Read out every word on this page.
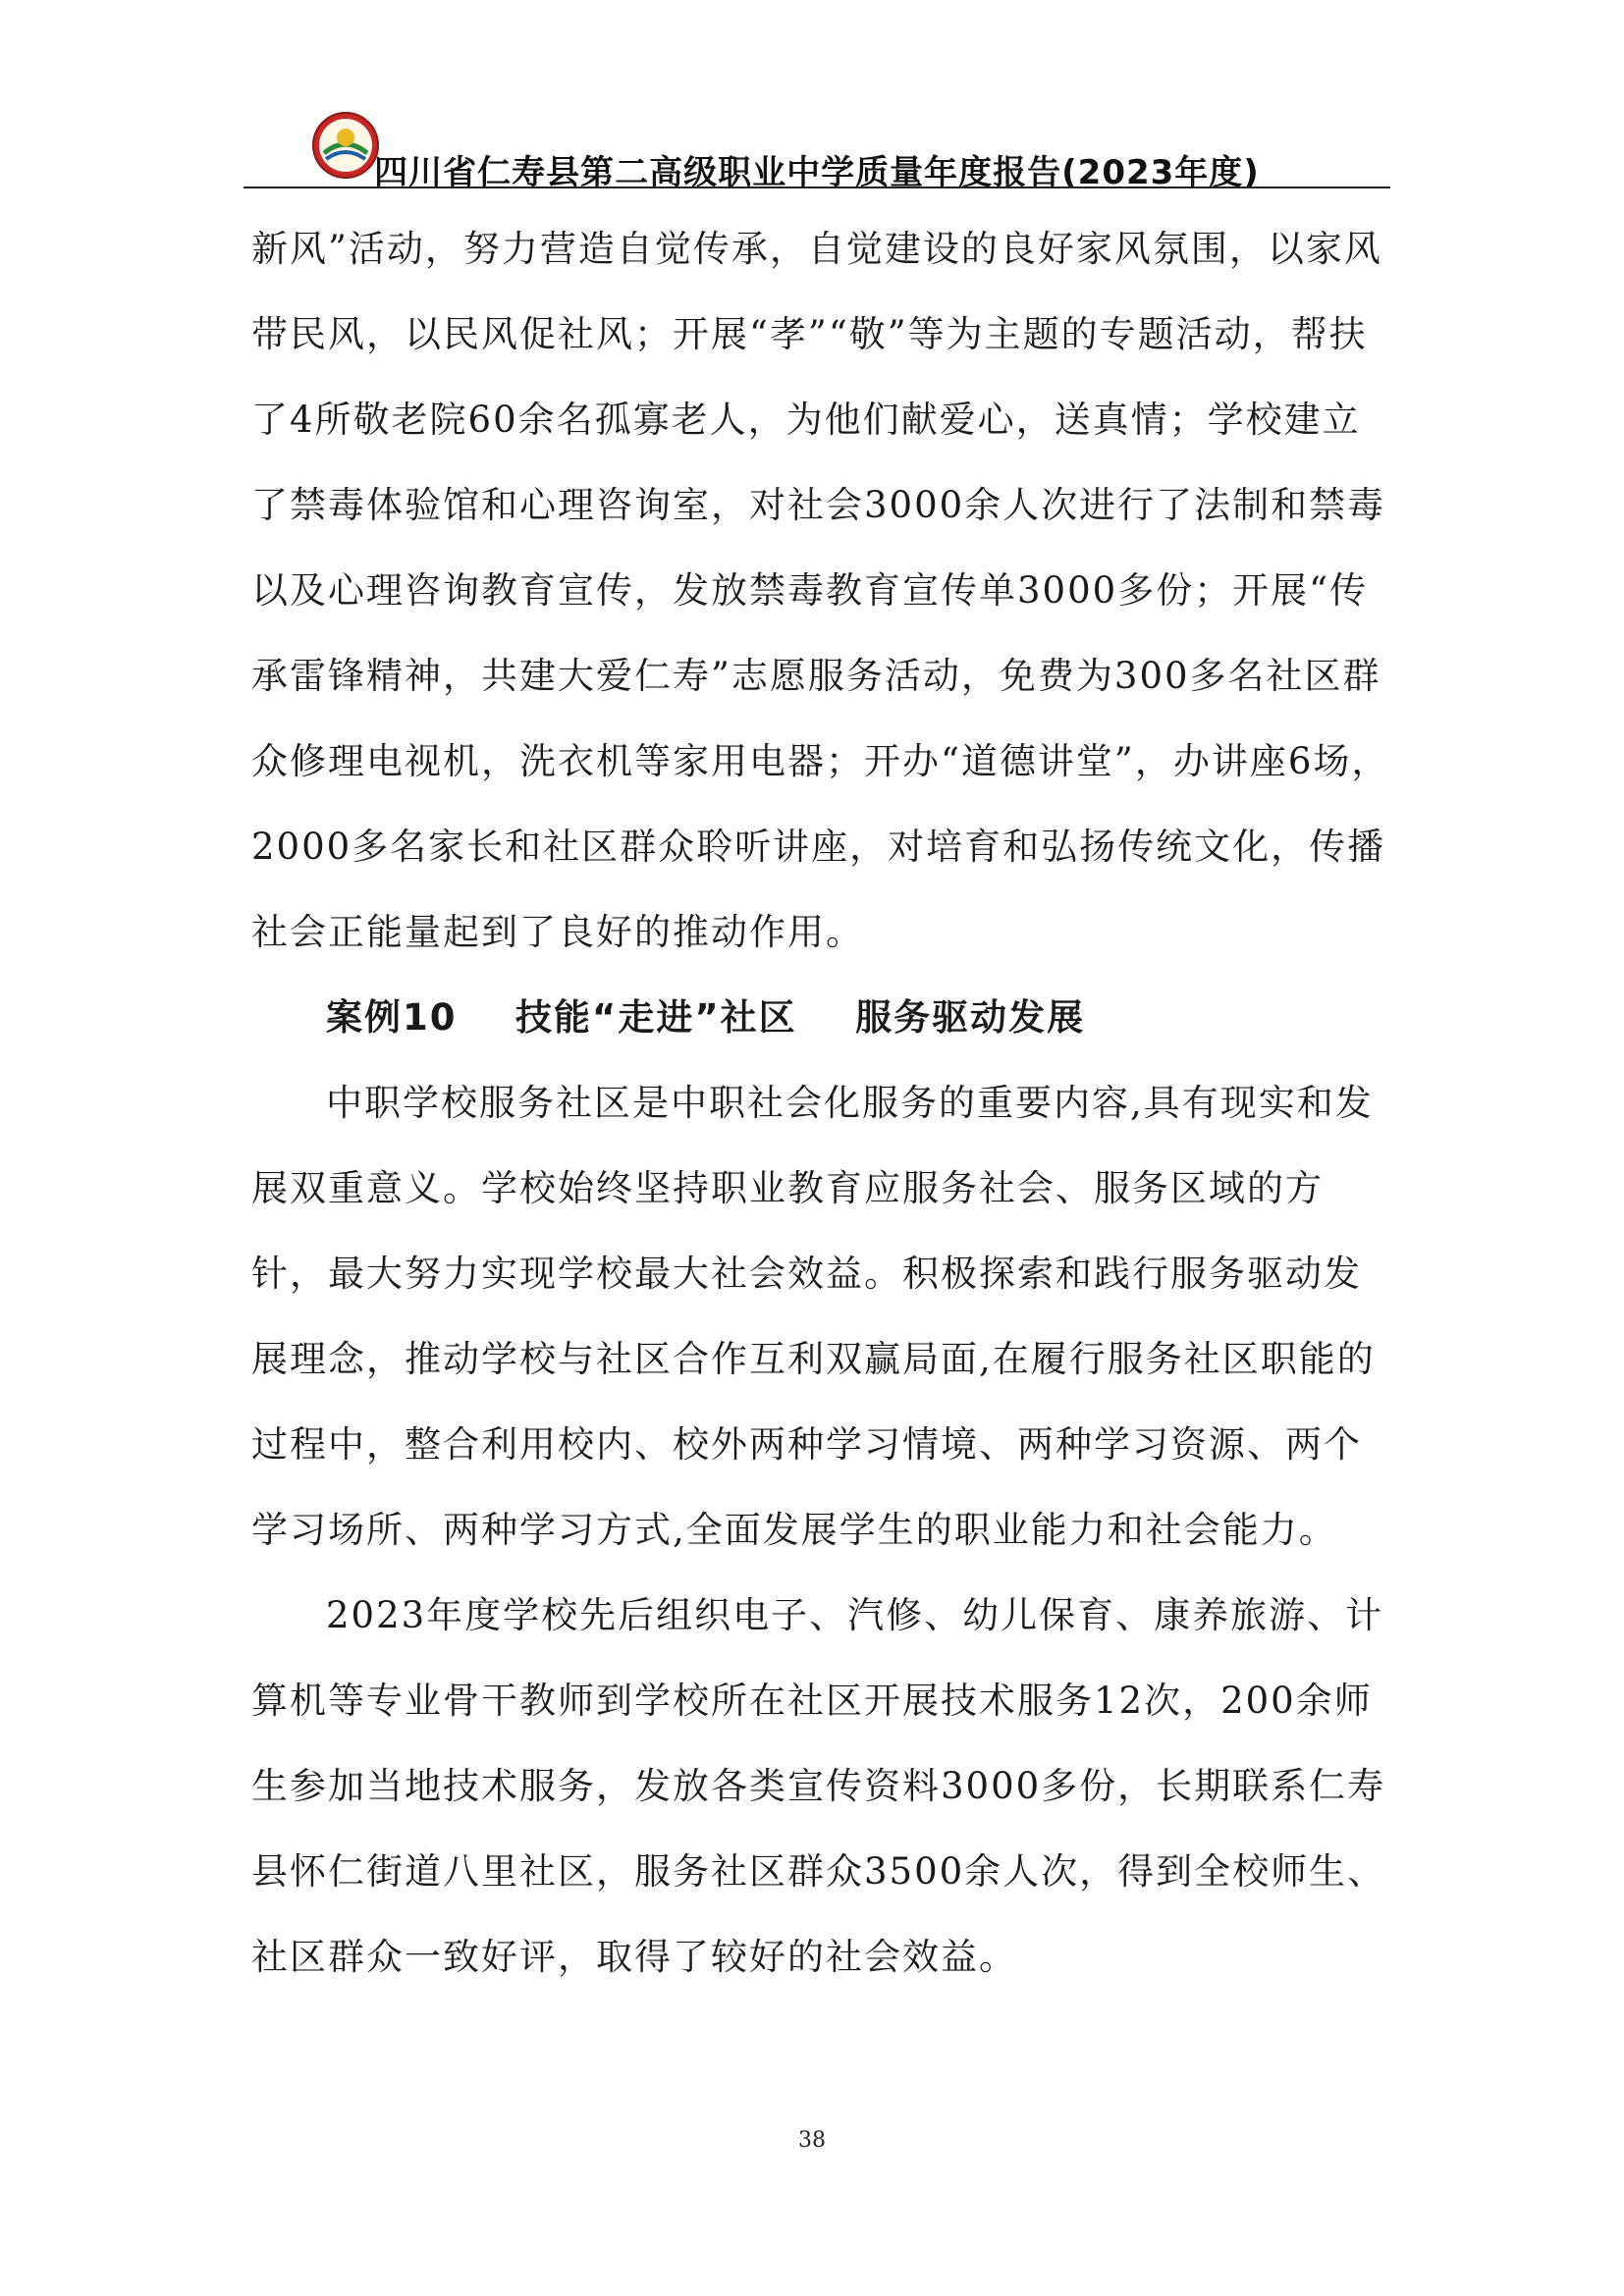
四川省仁寿县第二高级职业中学质量年度报告(2023年度)

新风”活动，努力营造自觉传承，自觉建设的良好家风氛围，以家风带民风，以民风促社风；开展“孝”“敬”等为主题的专题活动，帮扶了4所敬老院60余名孤寡老人，为他们献爱心，送真情；学校建立了禁毒体验馆和心理咨询室，对社会3000余人次进行了法制和禁毒以及心理咨询教育宣传，发放禁毒教育宣传单3000多份；开展“传承雷锋精神，共建大爱仁寿”志愿服务活动，免费为300多名社区群众修理电视机，洗衣机等家用电器；开办“道德讲堂”，办讲座6场，2000多名家长和社区群众聆听讲座，对培育和弘扬传统文化，传播社会正能量起到了良好的推动作用。

案例10    技能“走进”社区    服务驱动发展

中职学校服务社区是中职社会化服务的重要内容,具有现实和发展双重意义。学校始终坚持职业教育应服务社会、服务区域的方针，最大努力实现学校最大社会效益。积极探索和践行服务驱动发展理念，推动学校与社区合作互利双赢局面,在履行服务社区职能的过程中，整合利用校内、校外两种学习情境、两种学习资源、两个学习场所、两种学习方式,全面发展学生的职业能力和社会能力。

2023年度学校先后组织电子、汽修、幼儿保育、康养旅游、计算机等专业骨干教师到学校所在社区开展技术服务12次，200余师生参加当地技术服务，发放各类宣传资料3000多份，长期联系仁寿县怀仁街道八里社区，服务社区群众3500余人次，得到全校师生、社区群众一致好评，取得了较好的社会效益。

38
